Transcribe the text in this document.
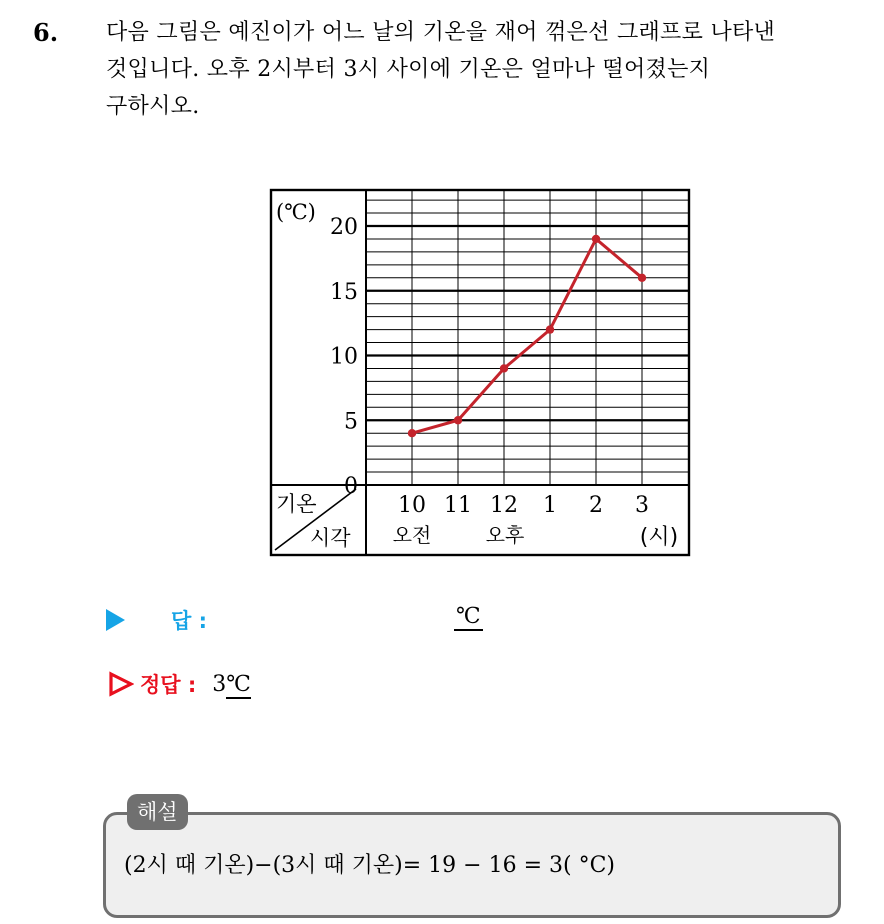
6. 다음 그림은 예진이가 어느 날의 기온을 재어 꺾은선 그래프로 나타낸
것입니다. 오후 2시부터 3시 사이에 기온은 얼마나 떨어졌는지
구하시오.
(℃)
0
5
10
15
20
10 11 12 1 2 3
기온
시각 오전	오후	(시)
답 :	℃
정답 : 3℃
해설
(2시 때 기온)−(3시 때 기온)= 19 − 16 = 3( °C)
